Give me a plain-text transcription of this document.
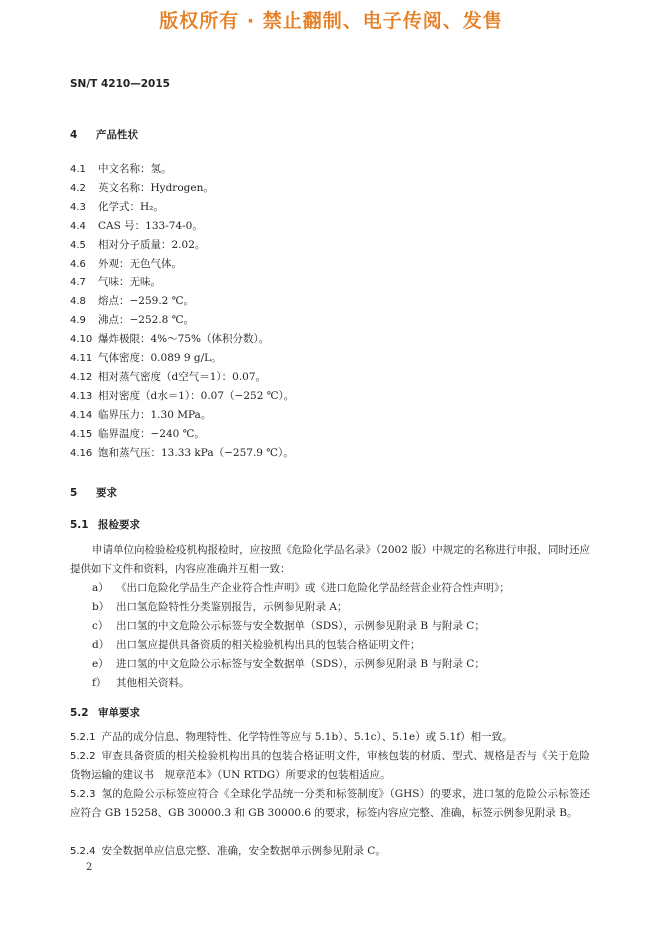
版权所有 · 禁止翻制、电子传阅、发售
SN/T 4210—2015
4 产品性状
4.1 中文名称：氢。
4.2 英文名称：Hydrogen。
4.3 化学式：H₂。
4.4 CAS 号：133-74-0。
4.5 相对分子质量：2.02。
4.6 外观：无色气体。
4.7 气味：无味。
4.8 熔点：−259.2 ℃。
4.9 沸点：−252.8 ℃。
4.10 爆炸极限：4%～75%（体积分数）。
4.11 气体密度：0.089 9 g/L。
4.12 相对蒸气密度（d空气＝1）：0.07。
4.13 相对密度（d水＝1）：0.07（−252 ℃）。
4.14 临界压力：1.30 MPa。
4.15 临界温度：−240 ℃。
4.16 饱和蒸气压：13.33 kPa（−257.9 ℃）。
5 要求
5.1 报检要求
申请单位向检验检疫机构报检时，应按照《危险化学品名录》（2002 版）中规定的名称进行申报，同时还应提供如下文件和资料，内容应准确并互相一致：
a） 《出口危险化学品生产企业符合性声明》或《进口危险化学品经营企业符合性声明》；
b） 出口氢危险特性分类鉴别报告，示例参见附录 A；
c） 出口氢的中文危险公示标签与安全数据单（SDS），示例参见附录 B 与附录 C；
d） 出口氢应提供具备资质的相关检验机构出具的包装合格证明文件；
e） 进口氢的中文危险公示标签与安全数据单（SDS），示例参见附录 B 与附录 C；
f） 其他相关资料。
5.2 审单要求
5.2.1 产品的成分信息、物理特性、化学特性等应与 5.1b）、5.1c）、5.1e）或 5.1f）相一致。
5.2.2 审查具备资质的相关检验机构出具的包装合格证明文件，审核包装的材质、型式、规格是否与《关于危险货物运输的建议书　规章范本》（UN RTDG）所要求的包装相适应。
5.2.3 氢的危险公示标签应符合《全球化学品统一分类和标签制度》（GHS）的要求，进口氢的危险公示标签还应符合 GB 15258、GB 30000.3 和 GB 30000.6 的要求，标签内容应完整、准确，标签示例参见附录 B。
5.2.4 安全数据单应信息完整、准确，安全数据单示例参见附录 C。
2
